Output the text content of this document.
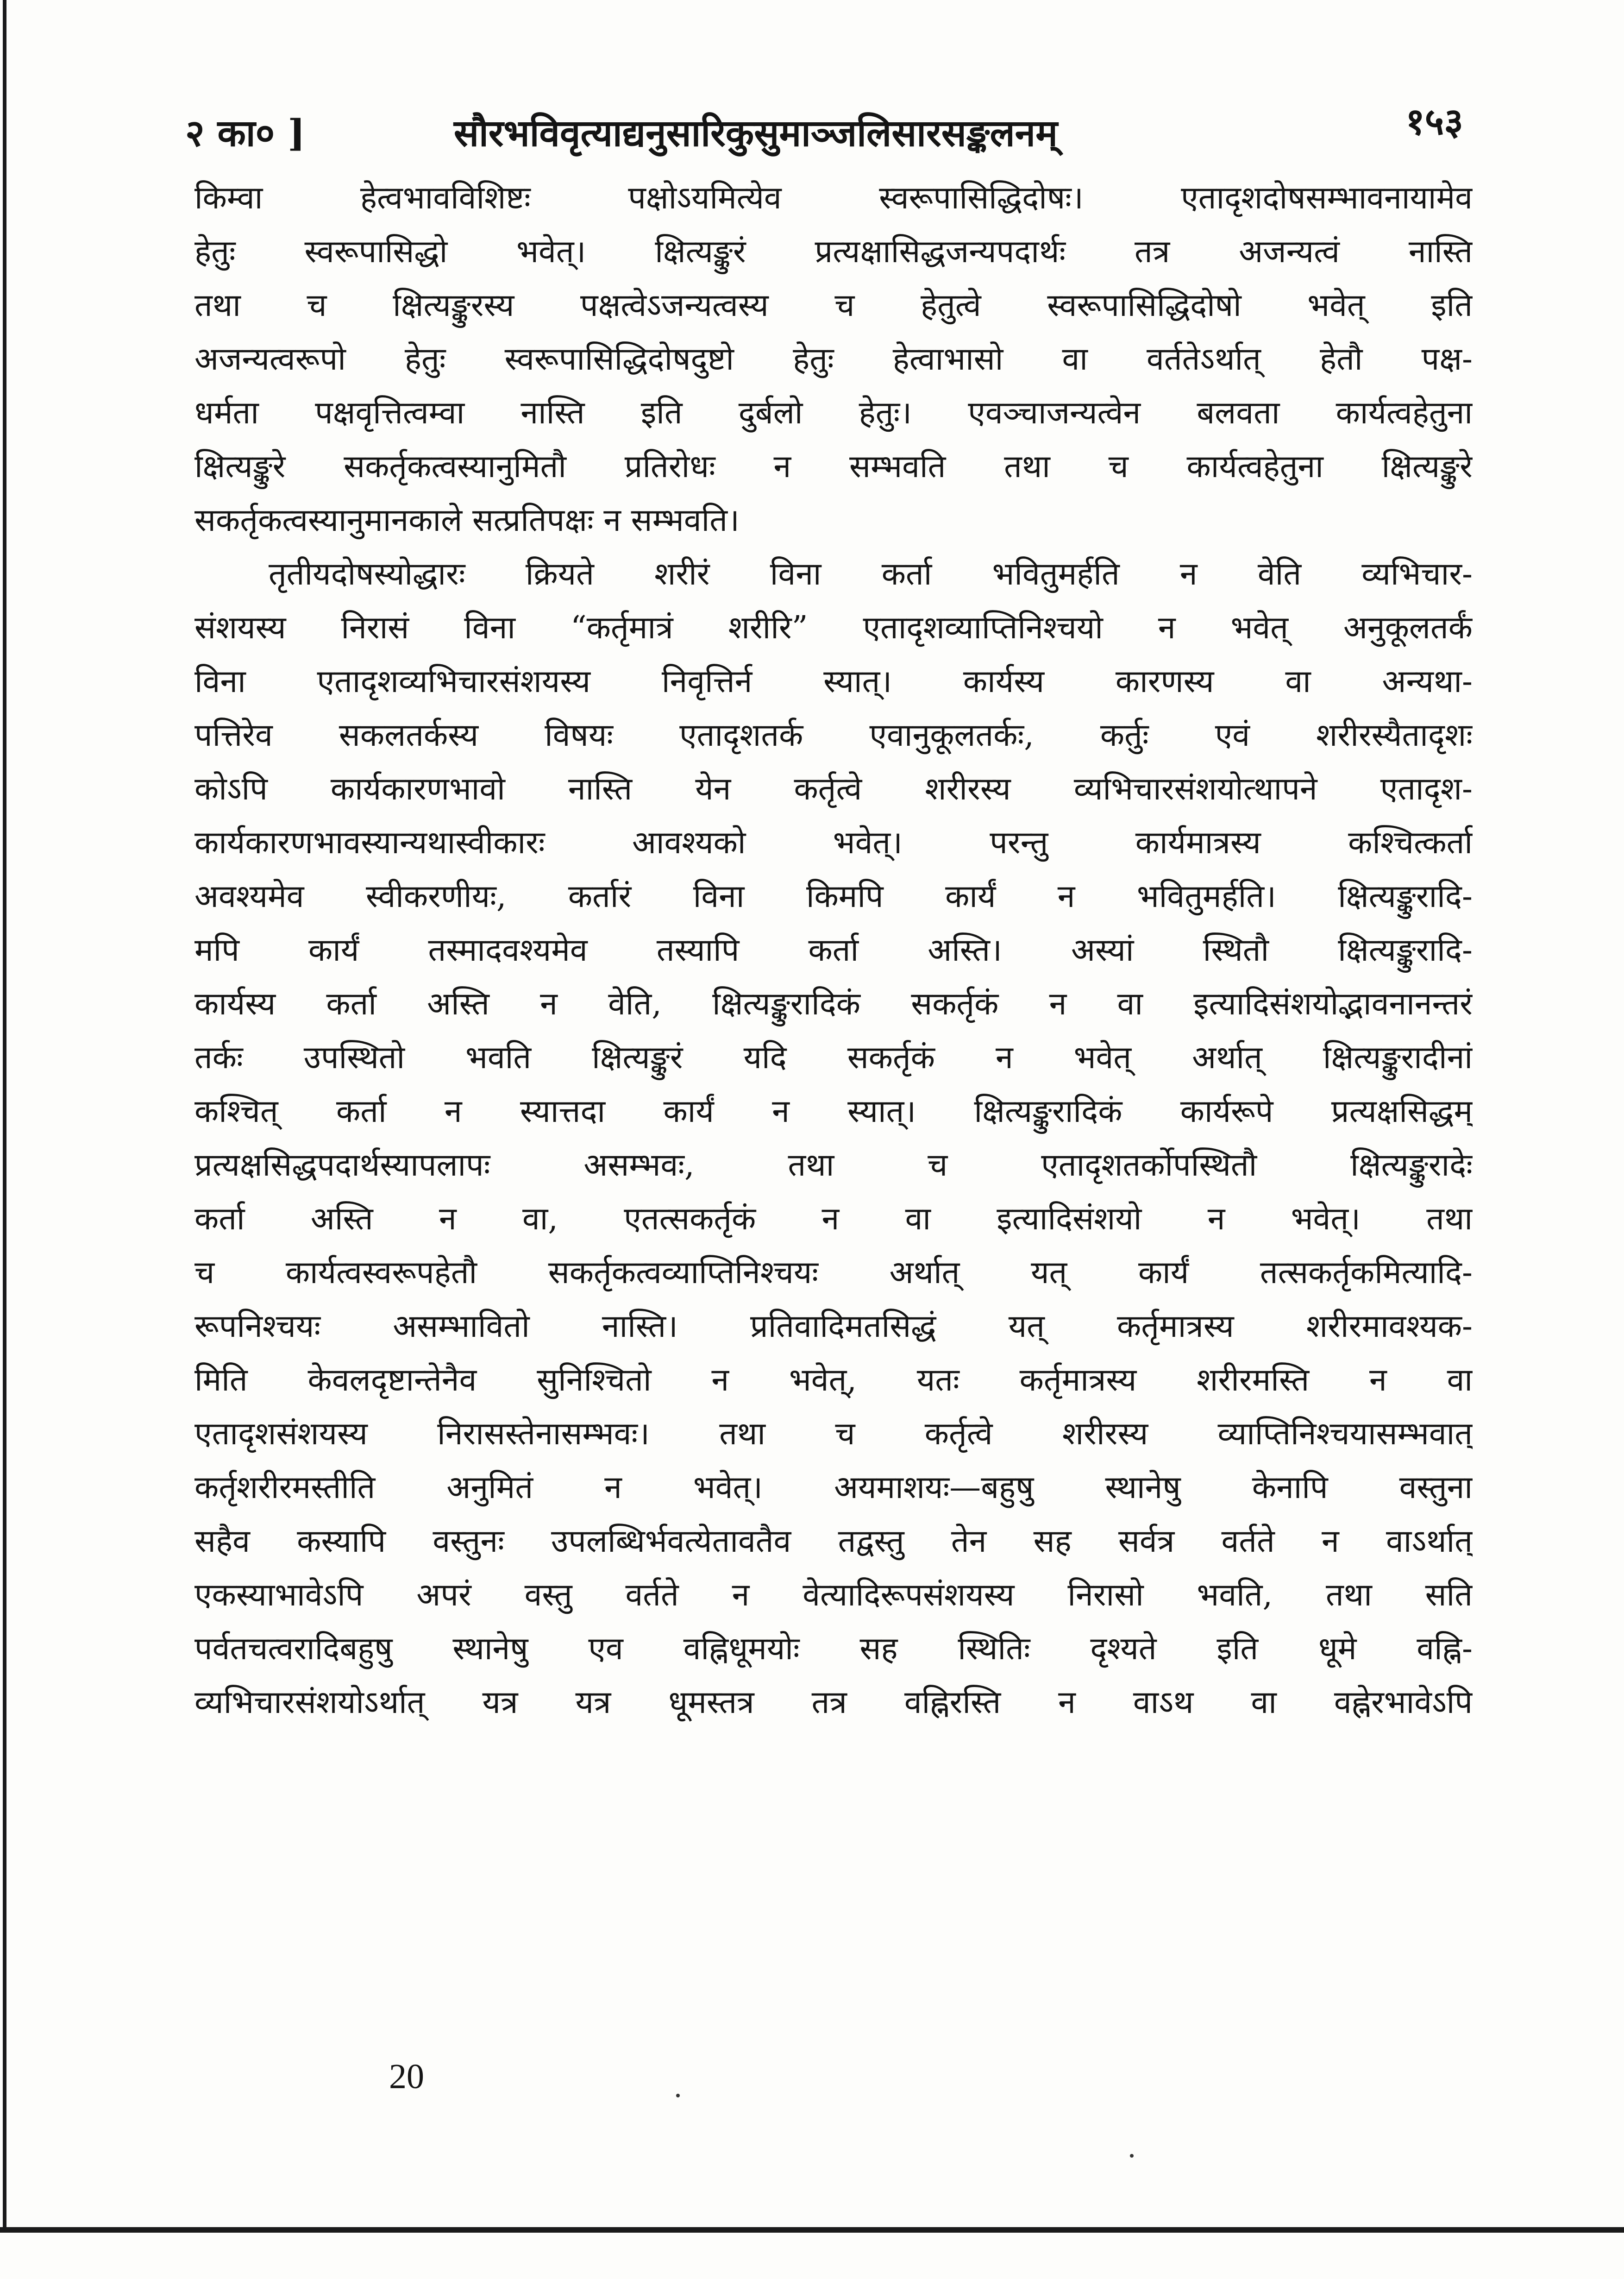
२ का० ]	सौरभविवृत्याद्यनुसारिकुसुमाञ्जलिसारसङ्कलनम्	१५३
किम्वा हेत्वभावविशिष्टः पक्षोऽयमित्येव स्वरूपासिद्धिदोषः। एतादृशदोषसम्भावनायामेव
हेतुः स्वरूपासिद्धो भवेत्। क्षित्यङ्कुरं प्रत्यक्षासिद्धजन्यपदार्थः तत्र अजन्यत्वं नास्ति
तथा च क्षित्यङ्कुरस्य पक्षत्वेऽजन्यत्वस्य च हेतुत्वे स्वरूपासिद्धिदोषो भवेत् इति
अजन्यत्वरूपो हेतुः स्वरूपासिद्धिदोषदुष्टो हेतुः हेत्वाभासो वा वर्ततेऽर्थात् हेतौ पक्ष-
धर्मता पक्षवृत्तित्वम्वा नास्ति इति दुर्बलो हेतुः। एवञ्चाजन्यत्वेन बलवता कार्यत्वहेतुना
क्षित्यङ्कुरे सकर्तृकत्वस्यानुमितौ प्रतिरोधः न सम्भवति तथा च कार्यत्वहेतुना क्षित्यङ्कुरे
सकर्तृकत्वस्यानुमानकाले सत्प्रतिपक्षः न सम्भवति।
तृतीयदोषस्योद्धारः क्रियते शरीरं विना कर्ता भवितुमर्हति न वेति व्यभिचार-
संशयस्य निरासं विना “कर्तृमात्रं शरीरि” एतादृशव्याप्तिनिश्चयो न भवेत् अनुकूलतर्कं
विना एतादृशव्यभिचारसंशयस्य निवृत्तिर्न स्यात्। कार्यस्य कारणस्य वा अन्यथा-
पत्तिरेव सकलतर्कस्य विषयः एतादृशतर्क एवानुकूलतर्कः, कर्तुः एवं शरीरस्यैतादृशः
कोऽपि कार्यकारणभावो नास्ति येन कर्तृत्वे शरीरस्य व्यभिचारसंशयोत्थापने एतादृश-
कार्यकारणभावस्यान्यथास्वीकारः आवश्यको भवेत्। परन्तु कार्यमात्रस्य कश्चित्कर्ता
अवश्यमेव स्वीकरणीयः, कर्तारं विना किमपि कार्यं न भवितुमर्हति। क्षित्यङ्कुरादि-
मपि कार्यं तस्मादवश्यमेव तस्यापि कर्ता अस्ति। अस्यां स्थितौ क्षित्यङ्कुरादि-
कार्यस्य कर्ता अस्ति न वेति, क्षित्यङ्कुरादिकं सकर्तृकं न वा इत्यादिसंशयोद्भावनानन्तरं
तर्कः उपस्थितो भवति क्षित्यङ्कुरं यदि सकर्तृकं न भवेत् अर्थात् क्षित्यङ्कुरादीनां
कश्चित् कर्ता न स्यात्तदा कार्यं न स्यात्। क्षित्यङ्कुरादिकं कार्यरूपे प्रत्यक्षसिद्धम्
प्रत्यक्षसिद्धपदार्थस्यापलापः असम्भवः, तथा च एतादृशतर्कोपस्थितौ क्षित्यङ्कुरादेः
कर्ता अस्ति न वा, एतत्सकर्तृकं न वा इत्यादिसंशयो न भवेत्। तथा
च कार्यत्वस्वरूपहेतौ सकर्तृकत्वव्याप्तिनिश्चयः अर्थात् यत् कार्यं तत्सकर्तृकमित्यादि-
रूपनिश्चयः असम्भावितो नास्ति। प्रतिवादिमतसिद्धं यत् कर्तृमात्रस्य शरीरमावश्यक-
मिति केवलदृष्टान्तेनैव सुनिश्चितो न भवेत्, यतः कर्तृमात्रस्य शरीरमस्ति न वा
एतादृशसंशयस्य निरासस्तेनासम्भवः। तथा च कर्तृत्वे शरीरस्य व्याप्तिनिश्चयासम्भवात्
कर्तृशरीरमस्तीति अनुमितं न भवेत्। अयमाशयः—बहुषु स्थानेषु केनापि वस्तुना
सहैव कस्यापि वस्तुनः उपलब्धिर्भवत्येतावतैव तद्वस्तु तेन सह सर्वत्र वर्तते न वाऽर्थात्
एकस्याभावेऽपि अपरं वस्तु वर्तते न वेत्यादिरूपसंशयस्य निरासो भवति, तथा सति
पर्वतचत्वरादिबहुषु स्थानेषु एव वह्निधूमयोः सह स्थितिः दृश्यते इति धूमे वह्नि-
व्यभिचारसंशयोऽर्थात् यत्र यत्र धूमस्तत्र तत्र वह्निरस्ति न वाऽथ वा वह्नेरभावेऽपि
20
